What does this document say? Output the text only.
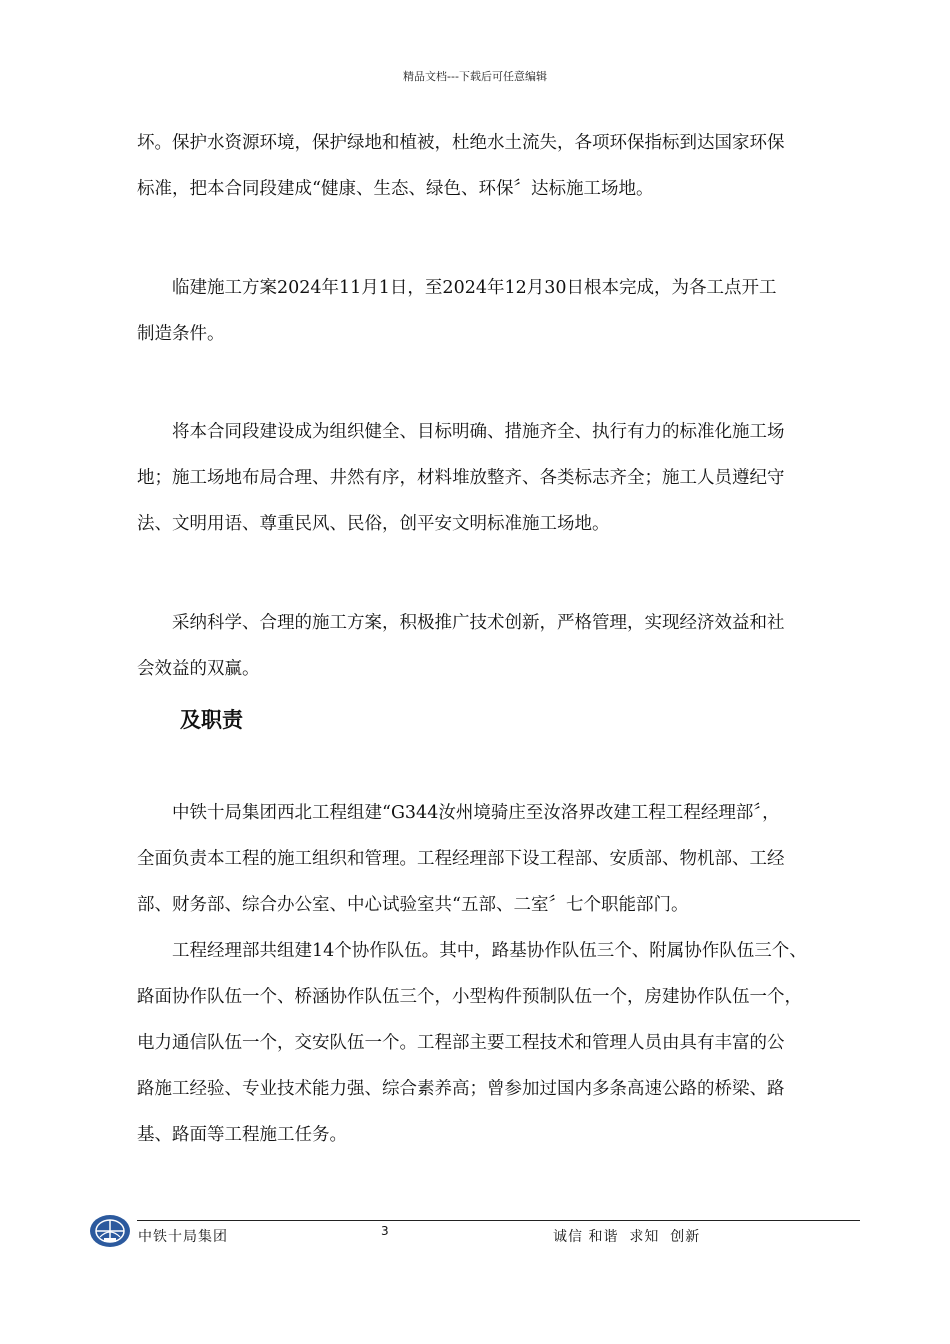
精品文档---下载后可任意编辑

坏。保护水资源环境，保护绿地和植被，杜绝水土流失，各项环保指标到达国家环保
标准，把本合同段建成“健康、生态、绿色、环保〞达标施工场地。

　　临建施工方案2024年11月1日，至2024年12月30日根本完成，为各工点开工
制造条件。

　　将本合同段建设成为组织健全、目标明确、措施齐全、执行有力的标准化施工场
地；施工场地布局合理、井然有序，材料堆放整齐、各类标志齐全；施工人员遵纪守
法、文明用语、尊重民风、民俗，创平安文明标准施工场地。

　　采纳科学、合理的施工方案，积极推广技术创新，严格管理，实现经济效益和社
会效益的双赢。

及职责

　　中铁十局集团西北工程组建“G344汝州境骑庄至汝洛界改建工程工程经理部〞，
全面负责本工程的施工组织和管理。工程经理部下设工程部、安质部、物机部、工经
部、财务部、综合办公室、中心试验室共“五部、二室〞七个职能部门。

　　工程经理部共组建14个协作队伍。其中，路基协作队伍三个、附属协作队伍三个、
路面协作队伍一个、桥涵协作队伍三个，小型构件预制队伍一个，房建协作队伍一个，
电力通信队伍一个，交安队伍一个。工程部主要工程技术和管理人员由具有丰富的公
路施工经验、专业技术能力强、综合素养高；曾参加过国内多条高速公路的桥梁、路
基、路面等工程施工任务。

中铁十局集团	3	诚信 和谐  求知  创新
